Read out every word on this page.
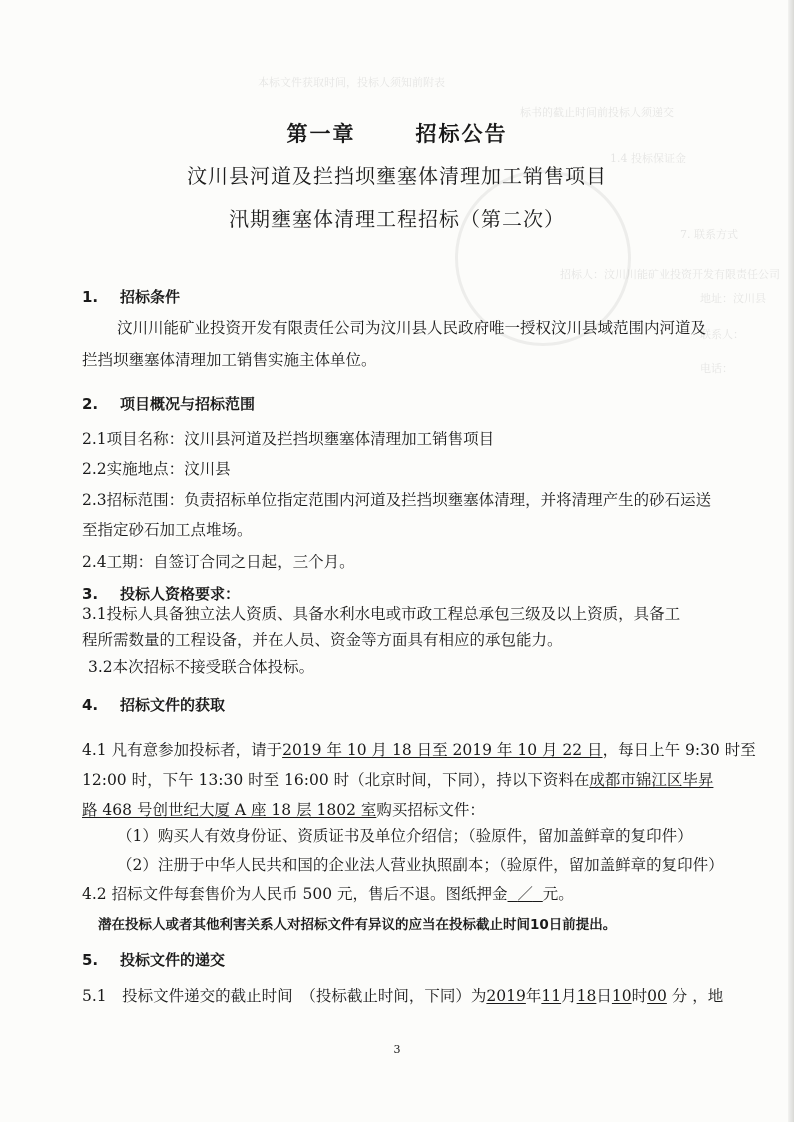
本标文件获取时间，投标人须知前附表
标书的截止时间前投标人须递交
1.4 投标保证金
7. 联系方式
招标人：汶川川能矿业投资开发有限责任公司
地址：汶川县
联系人：
电话：
第一章	招标公告
汶川县河道及拦挡坝壅塞体清理加工销售项目
汛期壅塞体清理工程招标（第二次）
1. 招标条件
汶川川能矿业投资开发有限责任公司为汶川县人民政府唯一授权汶川县域范围内河道及
拦挡坝壅塞体清理加工销售实施主体单位。
2. 项目概况与招标范围
2.1项目名称：汶川县河道及拦挡坝壅塞体清理加工销售项目
2.2实施地点：汶川县
2.3招标范围：负责招标单位指定范围内河道及拦挡坝壅塞体清理，并将清理产生的砂石运送
至指定砂石加工点堆场。
2.4工期：自签订合同之日起，三个月。
3. 投标人资格要求：
3.1投标人具备独立法人资质、具备水利水电或市政工程总承包三级及以上资质，具备工
程所需数量的工程设备，并在人员、资金等方面具有相应的承包能力。
3.2本次招标不接受联合体投标。
4. 招标文件的获取
4.1 凡有意参加投标者，请于2019 年 10 月 18 日至 2019 年 10 月 22 日，每日上午 9:30 时至
12:00 时，下午 13:30 时至 16:00 时（北京时间，下同），持以下资料在成都市锦江区毕昇
路 468 号创世纪大厦 A 座 18 层 1802 室购买招标文件：
（1）购买人有效身份证、资质证书及单位介绍信；（验原件，留加盖鲜章的复印件）
（2）注册于中华人民共和国的企业法人营业执照副本；（验原件，留加盖鲜章的复印件）
4.2 招标文件每套售价为人民币 500 元，售后不退。图纸押金 ／ 元。
潜在投标人或者其他利害关系人对招标文件有异议的应当在投标截止时间10日前提出。
5. 投标文件的递交
5.1　投标文件递交的截止时间　（投标截止时间，下同）为2019年11月18日10时00 分 ，地
3
